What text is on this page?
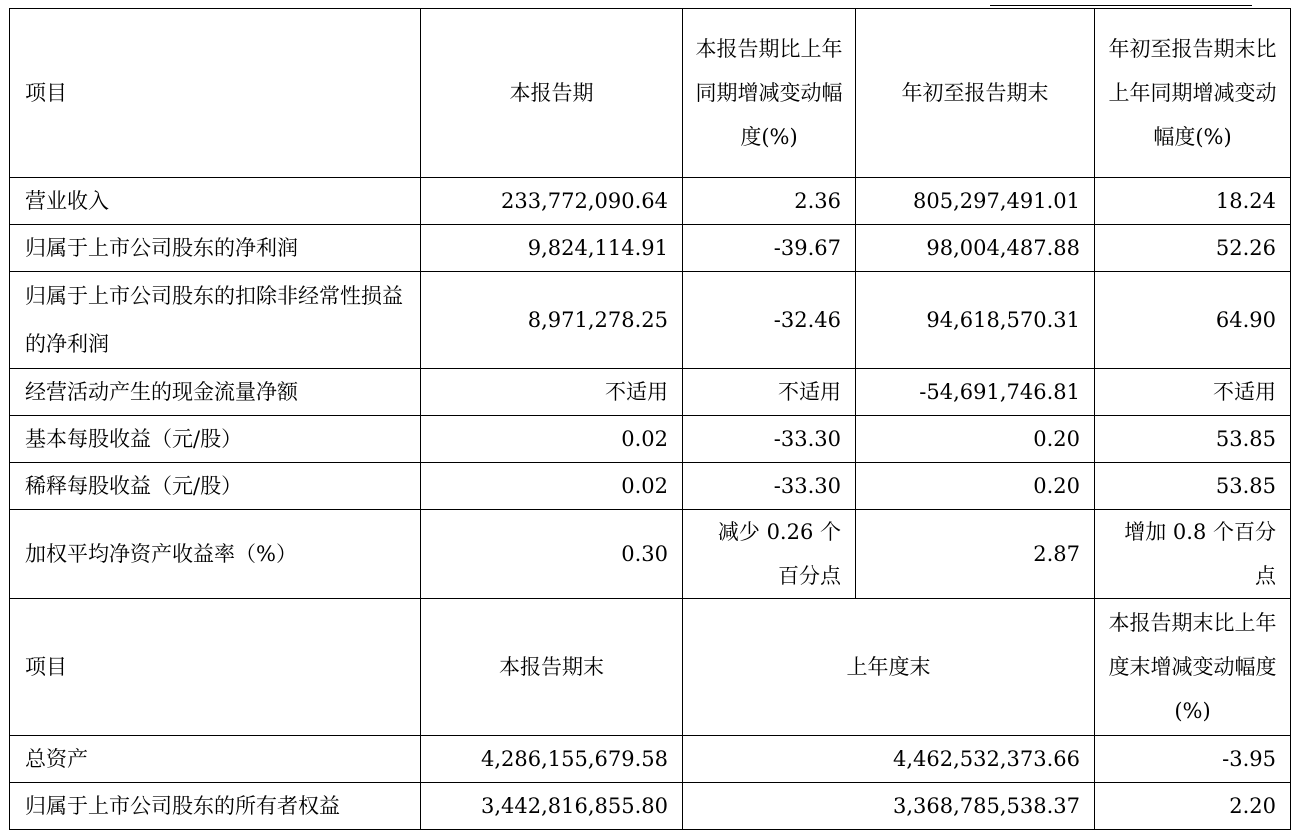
项目	本报告期	本报告期比上年同期增减变动幅度(%)	年初至报告期末	年初至报告期末比上年同期增减变动幅度(%)
营业收入	233,772,090.64	2.36	805,297,491.01	18.24
归属于上市公司股东的净利润	9,824,114.91	-39.67	98,004,487.88	52.26
归属于上市公司股东的扣除非经常性损益的净利润	8,971,278.25	-32.46	94,618,570.31	64.90
经营活动产生的现金流量净额	不适用	不适用	-54,691,746.81	不适用
基本每股收益（元/股）	0.02	-33.30	0.20	53.85
稀释每股收益（元/股）	0.02	-33.30	0.20	53.85
加权平均净资产收益率（%）	0.30	减少 0.26 个百分点	2.87	增加 0.8 个百分点
项目	本报告期末	上年度末		本报告期末比上年度末增减变动幅度(%)
总资产	4,286,155,679.58	4,462,532,373.66		-3.95
归属于上市公司股东的所有者权益	3,442,816,855.80	3,368,785,538.37		2.20
